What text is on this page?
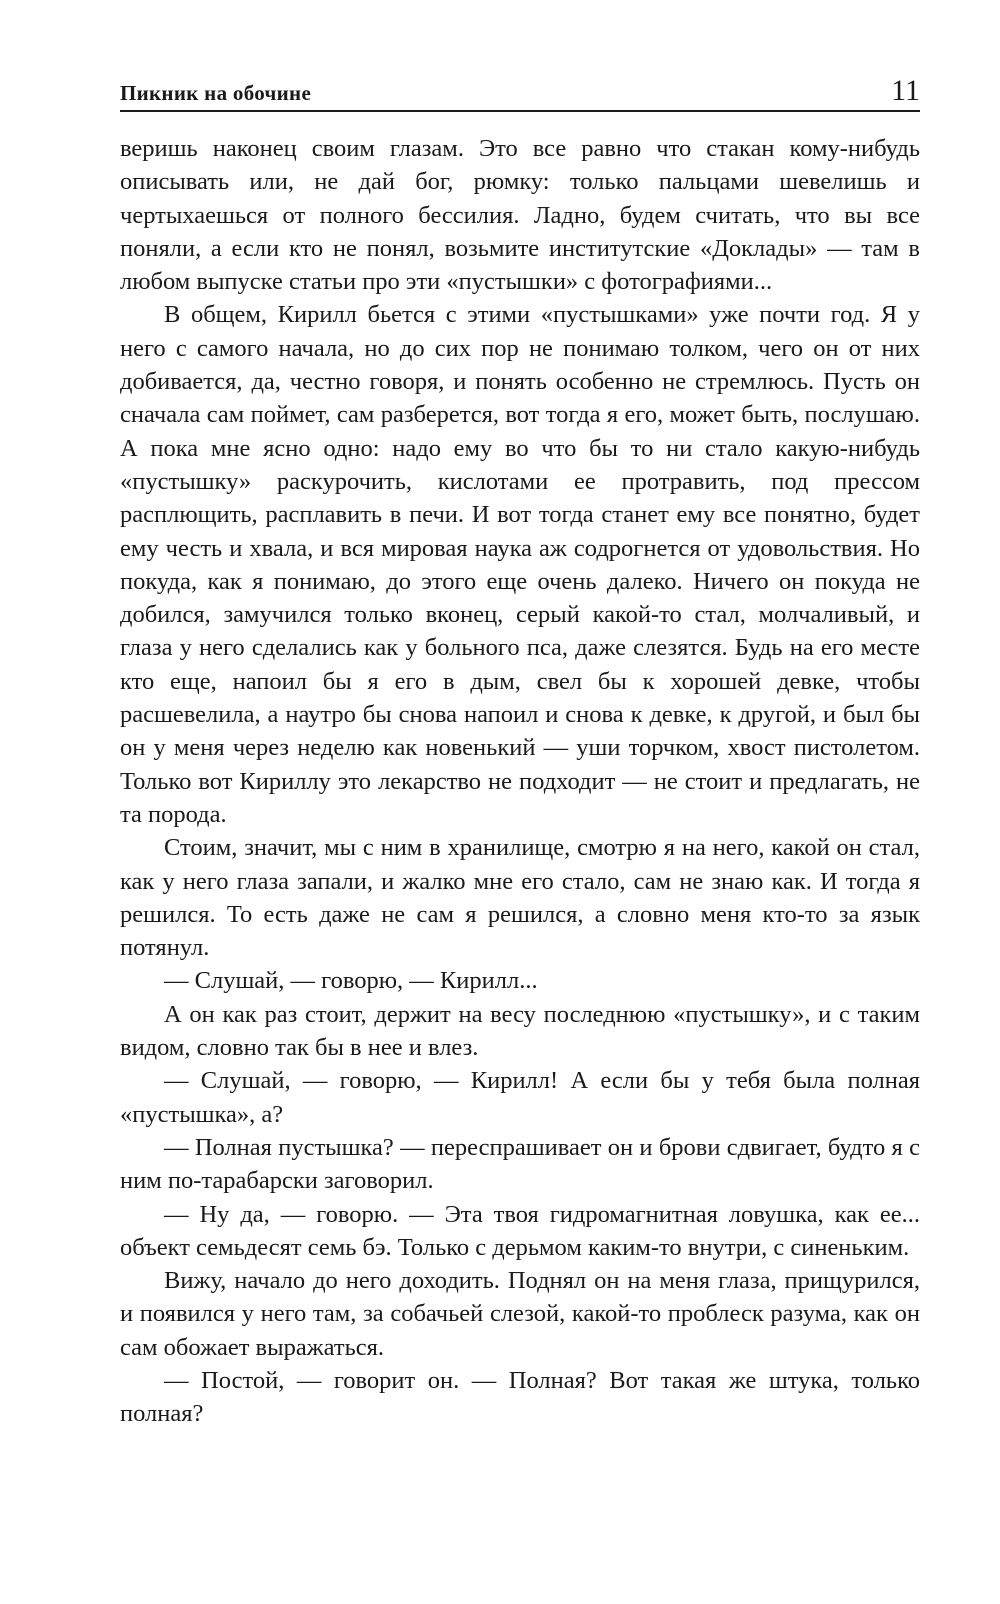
Пикник на обочине	11

веришь наконец своим глазам. Это все равно что стакан кому-нибудь описывать или, не дай бог, рюмку: только пальцами шевелишь и чертыхаешься от полного бессилия. Ладно, будем считать, что вы все поняли, а если кто не понял, возьмите институтские «Доклады» — там в любом выпуске статьи про эти «пустышки» с фотографиями...

В общем, Кирилл бьется с этими «пустышками» уже почти год. Я у него с самого начала, но до сих пор не понимаю толком, чего он от них добивается, да, честно говоря, и понять особенно не стремлюсь. Пусть он сначала сам поймет, сам разберется, вот тогда я его, может быть, послушаю. А пока мне ясно одно: надо ему во что бы то ни стало какую-нибудь «пустышку» раскурочить, кислотами ее протравить, под прессом расплющить, расплавить в печи. И вот тогда станет ему все понятно, будет ему честь и хвала, и вся мировая наука аж содрогнется от удовольствия. Но покуда, как я понимаю, до этого еще очень далеко. Ничего он покуда не добился, замучился только вконец, серый какой-то стал, молчаливый, и глаза у него сделались как у больного пса, даже слезятся. Будь на его месте кто еще, напоил бы я его в дым, свел бы к хорошей девке, чтобы расшевелила, а наутро бы снова напоил и снова к девке, к другой, и был бы он у меня через неделю как новенький — уши торчком, хвост пистолетом. Только вот Кириллу это лекарство не подходит — не стоит и предлагать, не та порода.

Стоим, значит, мы с ним в хранилище, смотрю я на него, какой он стал, как у него глаза запали, и жалко мне его стало, сам не знаю как. И тогда я решился. То есть даже не сам я решился, а словно меня кто-то за язык потянул.

— Слушай, — говорю, — Кирилл...

А он как раз стоит, держит на весу последнюю «пустышку», и с таким видом, словно так бы в нее и влез.

— Слушай, — говорю, — Кирилл! А если бы у тебя была полная «пустышка», а?

— Полная пустышка? — переспрашивает он и брови сдвигает, будто я с ним по-тарабарски заговорил.

— Ну да, — говорю. — Эта твоя гидромагнитная ловушка, как ее... объект семьдесят семь бэ. Только с дерьмом каким-то внутри, с синеньким.

Вижу, начало до него доходить. Поднял он на меня глаза, прищурился, и появился у него там, за собачьей слезой, какой-то проблеск разума, как он сам обожает выражаться.

— Постой, — говорит он. — Полная? Вот такая же штука, только полная?
